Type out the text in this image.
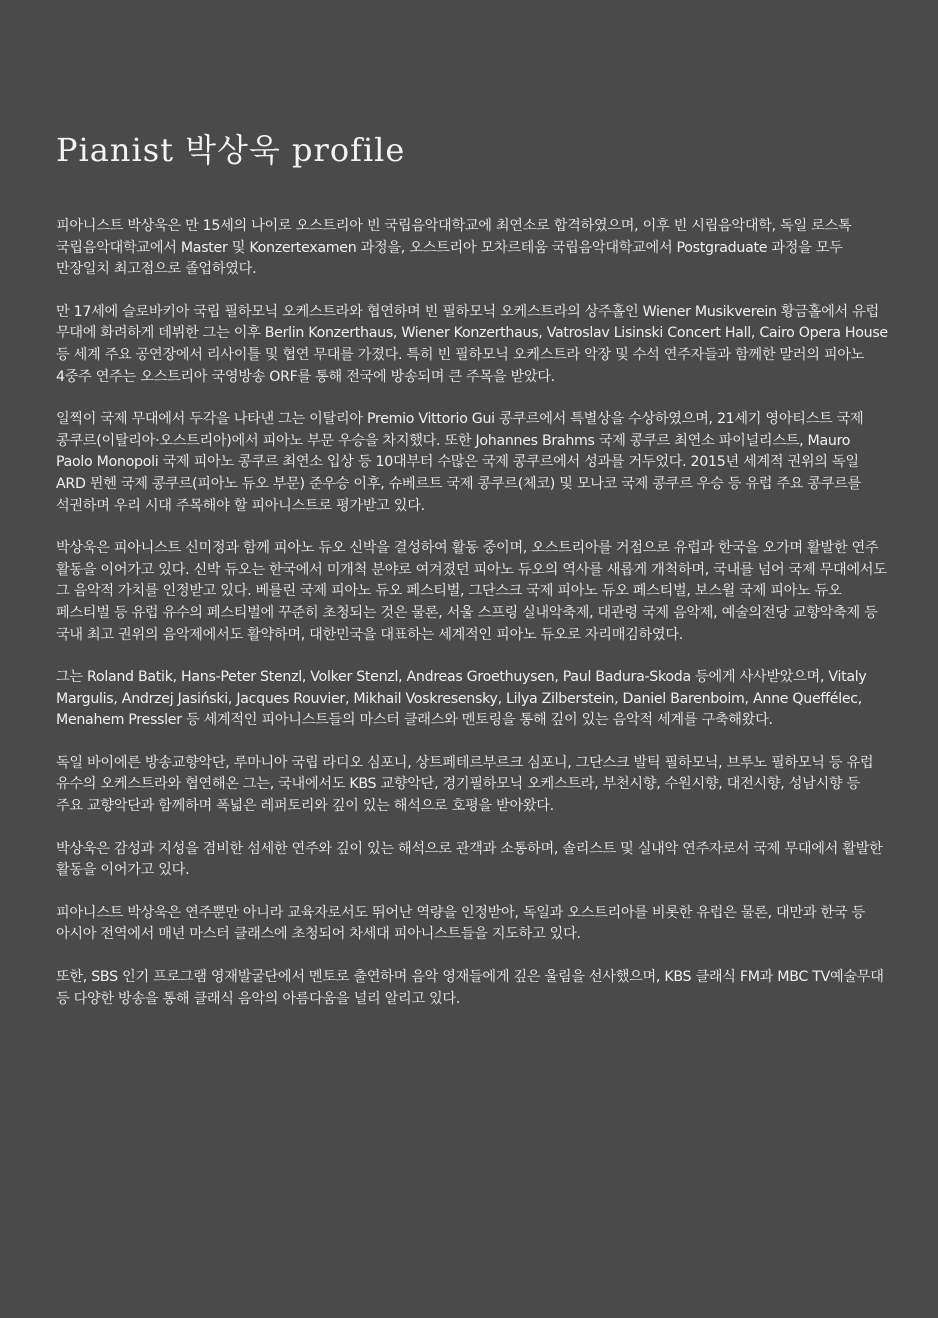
Pianist 박상욱 profile

피아니스트 박상욱은 만 15세의 나이로 오스트리아 빈 국립음악대학교에 최연소로 합격하였으며, 이후 빈 시립음악대학, 독일 로스톡 국립음악대학교에서 Master 및 Konzertexamen 과정을, 오스트리아 모차르테움 국립음악대학교에서 Postgraduate 과정을 모두 만장일치 최고점으로 졸업하였다.

만 17세에 슬로바키아 국립 필하모닉 오케스트라와 협연하며 빈 필하모닉 오케스트라의 상주홀인 Wiener Musikverein 황금홀에서 유럽 무대에 화려하게 데뷔한 그는 이후 Berlin Konzerthaus, Wiener Konzerthaus, Vatroslav Lisinski Concert Hall, Cairo Opera House 등 세계 주요 공연장에서 리사이틀 및 협연 무대를 가졌다. 특히 빈 필하모닉 오케스트라 악장 및 수석 연주자들과 함께한 말러의 피아노 4중주 연주는 오스트리아 국영방송 ORF를 통해 전국에 방송되며 큰 주목을 받았다.

일찍이 국제 무대에서 두각을 나타낸 그는 이탈리아 Premio Vittorio Gui 콩쿠르에서 특별상을 수상하였으며, 21세기 영아티스트 국제 콩쿠르(이탈리아·오스트리아)에서 피아노 부문 우승을 차지했다. 또한 Johannes Brahms 국제 콩쿠르 최연소 파이널리스트, Mauro Paolo Monopoli 국제 피아노 콩쿠르 최연소 입상 등 10대부터 수많은 국제 콩쿠르에서 성과를 거두었다. 2015년 세계적 권위의 독일 ARD 뮌헨 국제 콩쿠르(피아노 듀오 부문) 준우승 이후, 슈베르트 국제 콩쿠르(체코) 및 모나코 국제 콩쿠르 우승 등 유럽 주요 콩쿠르를 석권하며 우리 시대 주목해야 할 피아니스트로 평가받고 있다.

박상욱은 피아니스트 신미정과 함께 피아노 듀오 신박을 결성하여 활동 중이며, 오스트리아를 거점으로 유럽과 한국을 오가며 활발한 연주 활동을 이어가고 있다. 신박 듀오는 한국에서 미개척 분야로 여겨졌던 피아노 듀오의 역사를 새롭게 개척하며, 국내를 넘어 국제 무대에서도 그 음악적 가치를 인정받고 있다. 베를린 국제 피아노 듀오 페스티벌, 그단스크 국제 피아노 듀오 페스티벌, 보스윌 국제 피아노 듀오 페스티벌 등 유럽 유수의 페스티벌에 꾸준히 초청되는 것은 물론, 서울 스프링 실내악축제, 대관령 국제 음악제, 예술의전당 교향악축제 등 국내 최고 권위의 음악제에서도 활약하며, 대한민국을 대표하는 세계적인 피아노 듀오로 자리매김하였다.

그는 Roland Batik, Hans-Peter Stenzl, Volker Stenzl, Andreas Groethuysen, Paul Badura-Skoda 등에게 사사받았으며, Vitaly Margulis, Andrzej Jasiński, Jacques Rouvier, Mikhail Voskresensky, Lilya Zilberstein, Daniel Barenboim, Anne Queffélec, Menahem Pressler 등 세계적인 피아니스트들의 마스터 클래스와 멘토링을 통해 깊이 있는 음악적 세계를 구축해왔다.

독일 바이에른 방송교향악단, 루마니아 국립 라디오 심포니, 상트페테르부르크 심포니, 그단스크 발틱 필하모닉, 브루노 필하모닉 등 유럽 유수의 오케스트라와 협연해온 그는, 국내에서도 KBS 교향악단, 경기필하모닉 오케스트라, 부천시향, 수원시향, 대전시향, 성남시향 등 주요 교향악단과 함께하며 폭넓은 레퍼토리와 깊이 있는 해석으로 호평을 받아왔다.

박상욱은 감성과 지성을 겸비한 섬세한 연주와 깊이 있는 해석으로 관객과 소통하며, 솔리스트 및 실내악 연주자로서 국제 무대에서 활발한 활동을 이어가고 있다.

피아니스트 박상욱은 연주뿐만 아니라 교육자로서도 뛰어난 역량을 인정받아, 독일과 오스트리아를 비롯한 유럽은 물론, 대만과 한국 등 아시아 전역에서 매년 마스터 클래스에 초청되어 차세대 피아니스트들을 지도하고 있다.

또한, SBS 인기 프로그램 영재발굴단에서 멘토로 출연하며 음악 영재들에게 깊은 울림을 선사했으며, KBS 클래식 FM과 MBC TV예술무대 등 다양한 방송을 통해 클래식 음악의 아름다움을 널리 알리고 있다.
